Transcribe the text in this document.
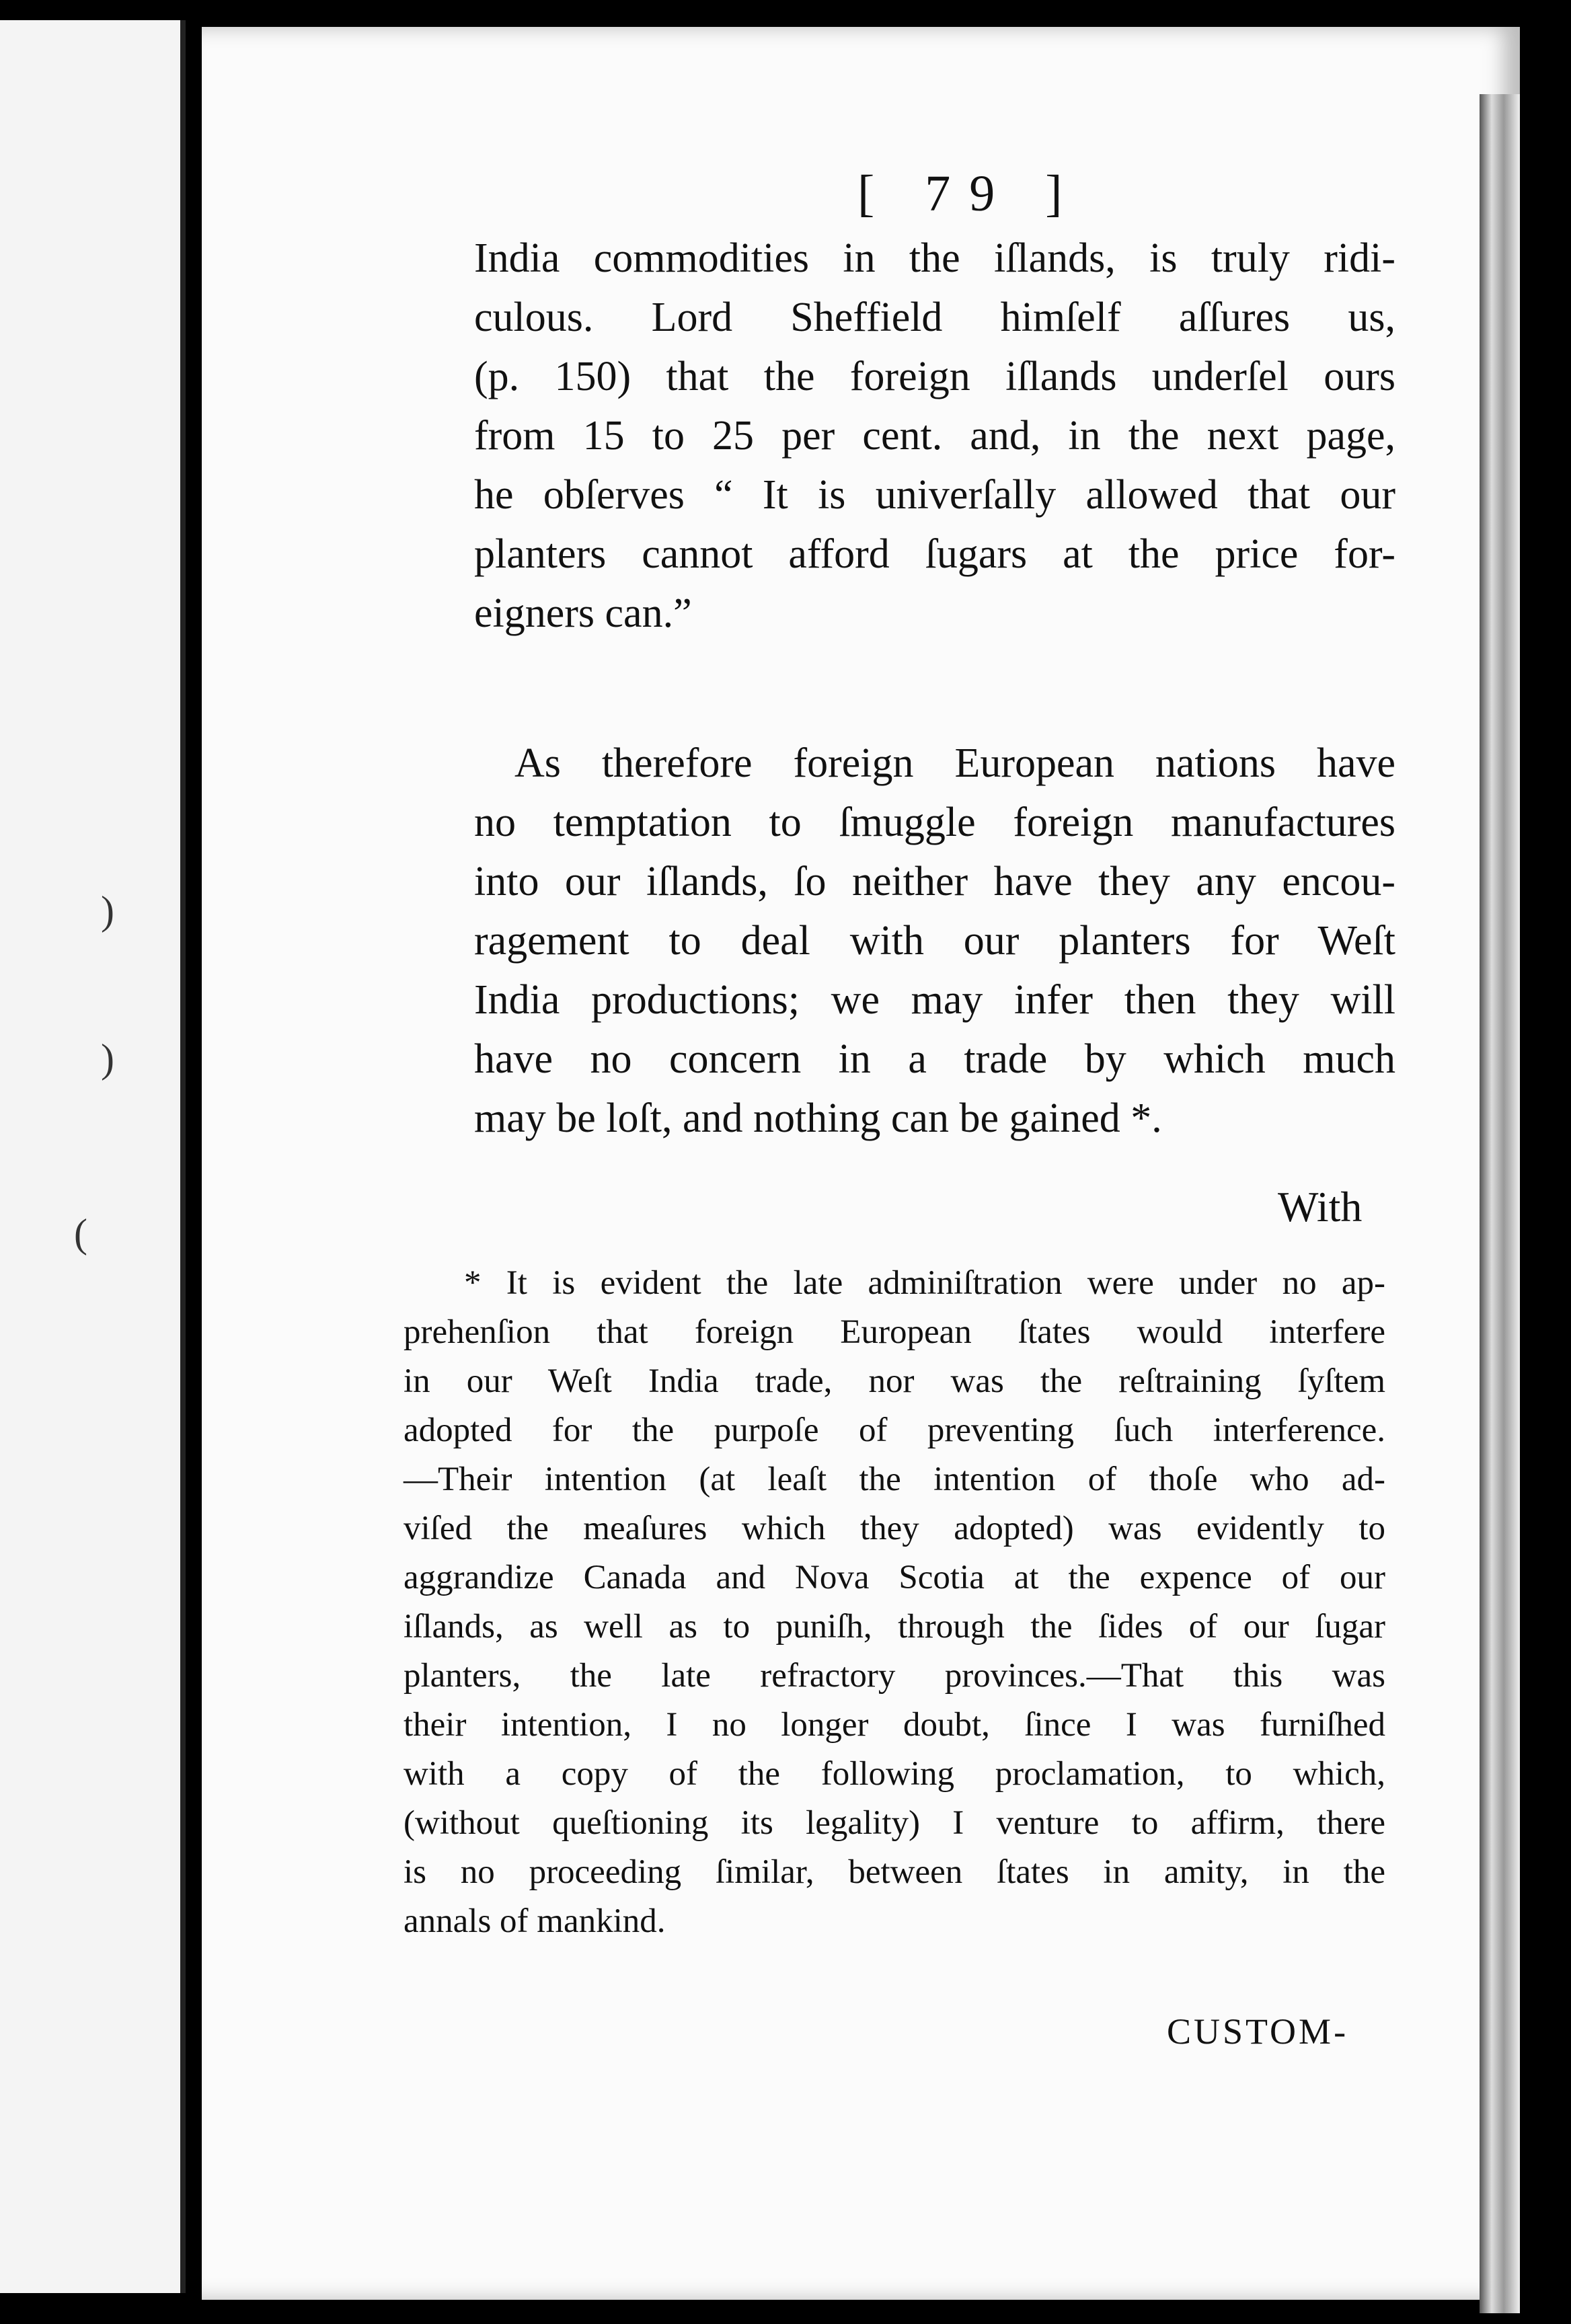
)
)
(
[ 79 ]

India commodities in the iſlands, is truly ridi-
culous. Lord Sheffield himſelf aſſures us,
(p. 150) that the foreign iſlands underſel ours
from 15 to 25 per cent. and, in the next page,
he obſerves “ It is univerſally allowed that our
planters cannot afford ſugars at the price for-
eigners can.”

As therefore foreign European nations have
no temptation to ſmuggle foreign manufactures
into our iſlands, ſo neither have they any encou-
ragement to deal with our planters for Weſt
India productions; we may infer then they will
have no concern in a trade by which much
may be loſt, and nothing can be gained *.

With
* It is evident the late adminiſtration were under no ap-
prehenſion that foreign European ſtates would interfere
in our Weſt India trade, nor was the reſtraining ſyſtem
adopted for the purpoſe of preventing ſuch interference.
—Their intention (at leaſt the intention of thoſe who ad-
viſed the meaſures which they adopted) was evidently to
aggrandize Canada and Nova Scotia at the expence of our
iſlands, as well as to puniſh, through the ſides of our ſugar
planters, the late refractory provinces.—That this was
their intention, I no longer doubt, ſince I was furniſhed
with a copy of the following proclamation, to which,
(without queſtioning its legality) I venture to affirm, there
is no proceeding ſimilar, between ſtates in amity, in the
annals of mankind.
CUSTOM-
